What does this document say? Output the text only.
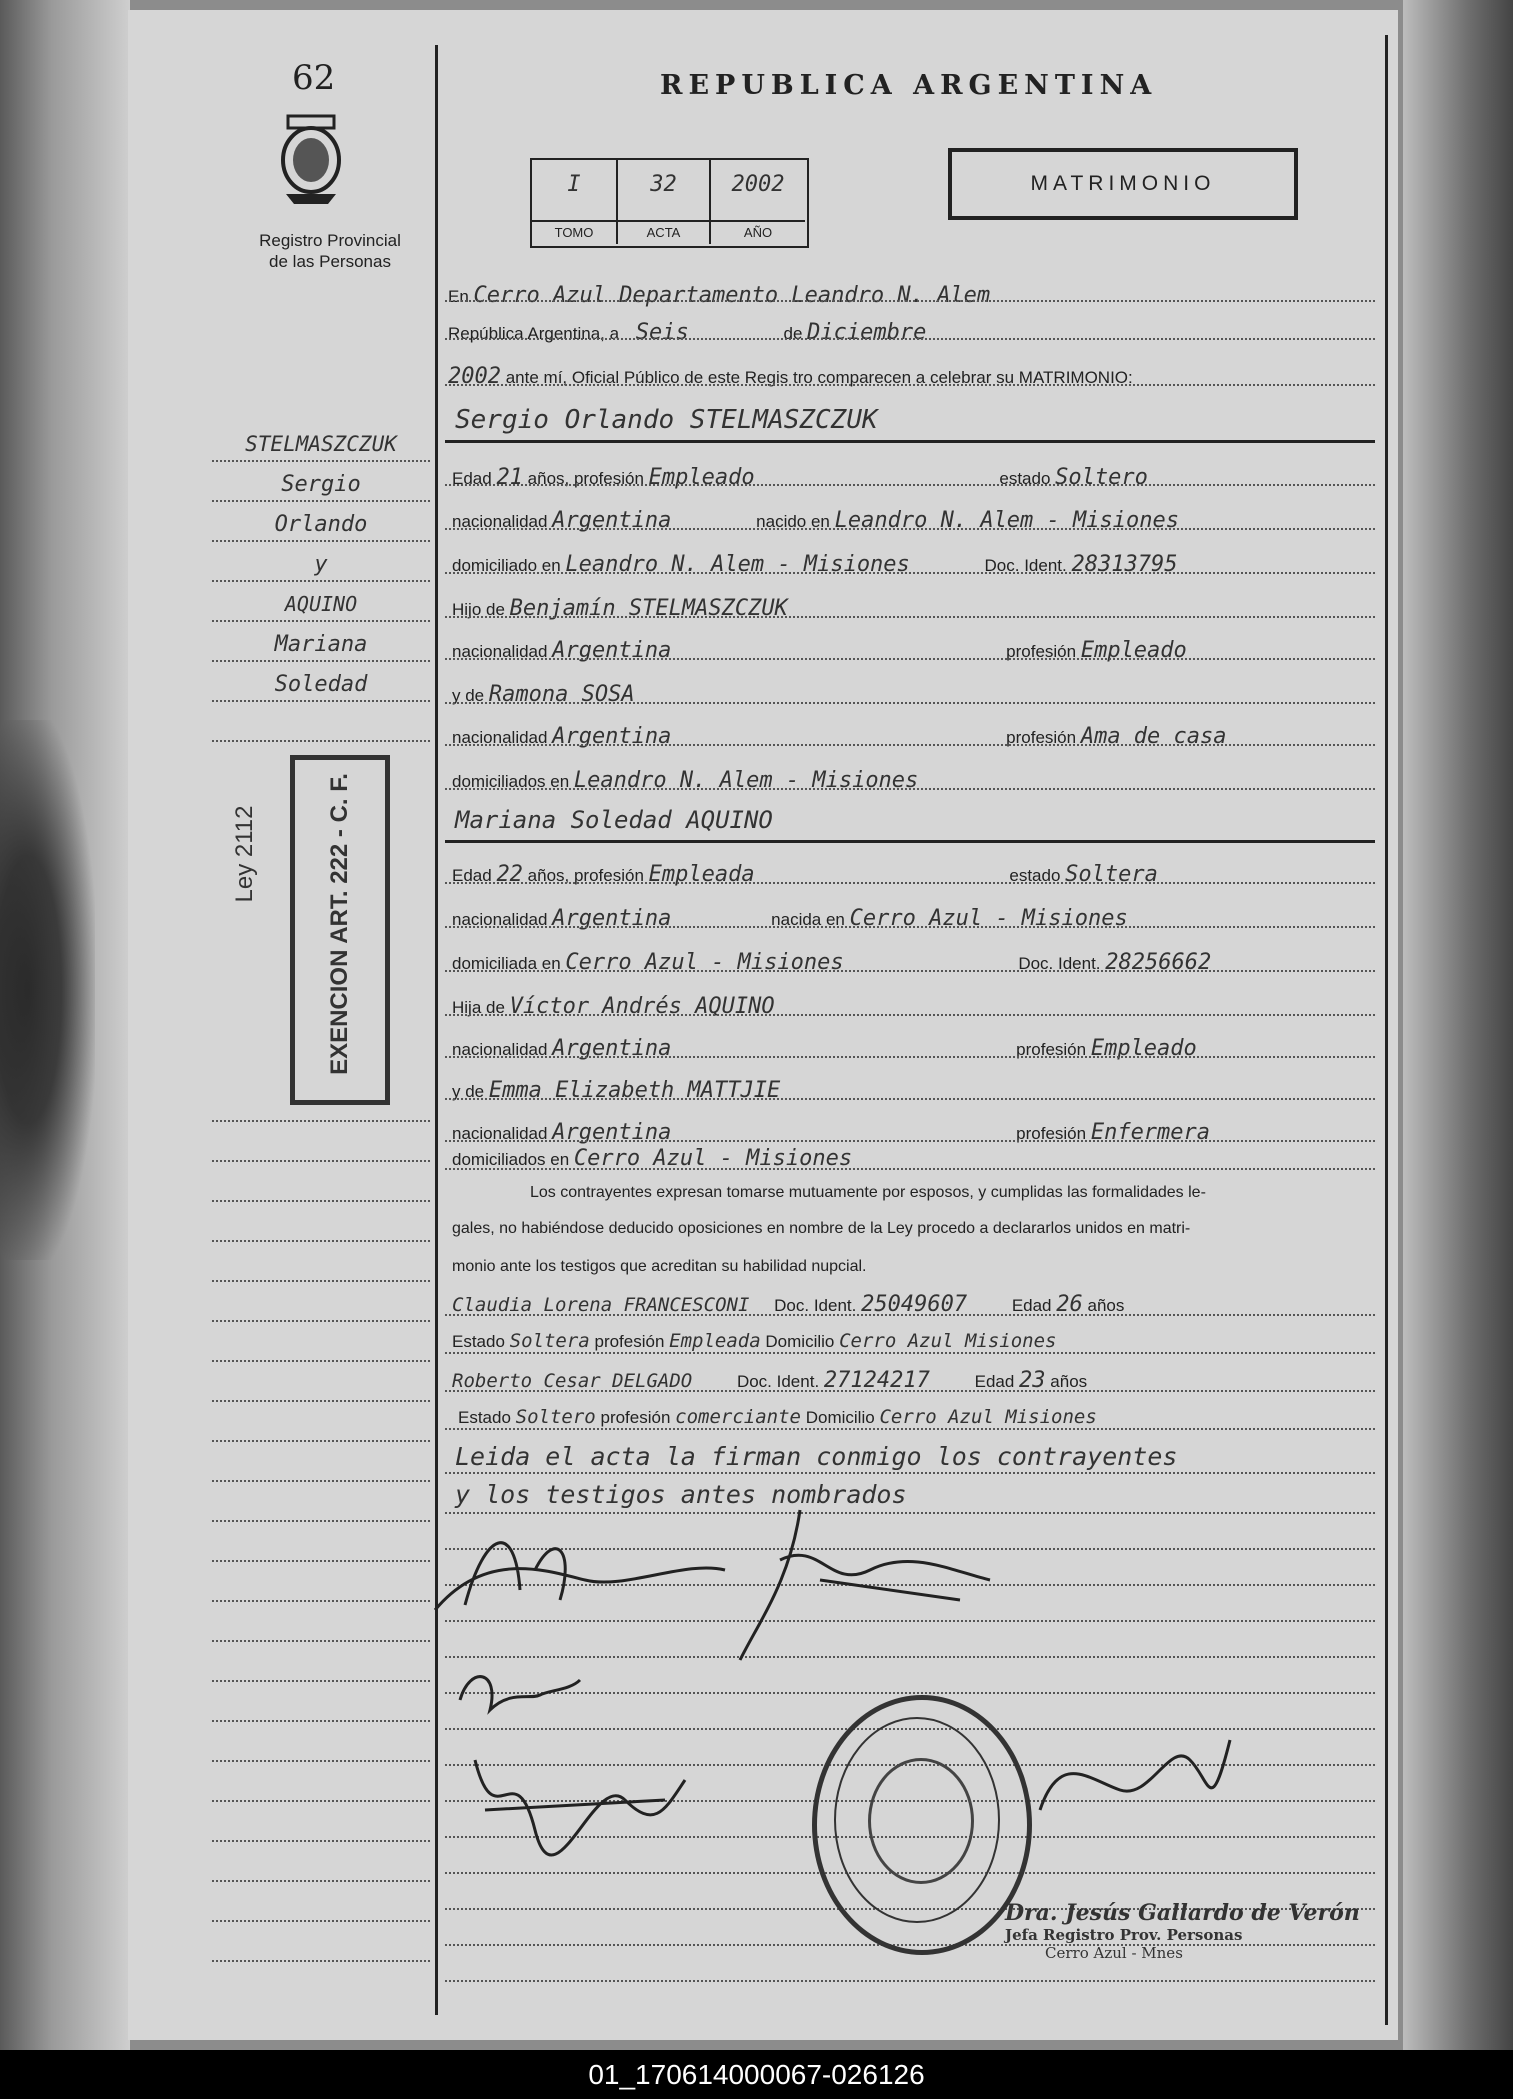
62
Registro Provincial
de las Personas
REPUBLICA ARGENTINA
I
TOMO
32
ACTA
2002
AÑO
MATRIMONIO
En Cerro Azul Departamento Leandro N. Alem
República Argentina, a Seis	de Diciembre
2002 ante mí, Oficial Público de este Regis tro comparecen a celebrar su MATRIMONIO:
Sergio Orlando STELMASZCZUK
Edad 21 años, profesión Empleado	estado Soltero
nacionalidad Argentina	nacido en Leandro N. Alem - Misiones
domiciliado en Leandro N. Alem - Misiones	Doc. Ident. 28313795
Hijo de Benjamín STELMASZCZUK
nacionalidad Argentina	profesión Empleado
y de Ramona SOSA
nacionalidad Argentina	profesión Ama de casa
domiciliados en Leandro N. Alem - Misiones
Mariana Soledad AQUINO
Edad 22 años, profesión Empleada	estado Soltera
nacionalidad Argentina	nacida en Cerro Azul - Misiones
domiciliada en Cerro Azul - Misiones	Doc. Ident. 28256662
Hija de Víctor Andrés AQUINO
nacionalidad Argentina	profesión Empleado
y de Emma Elizabeth MATTJIE
nacionalidad Argentina	profesión Enfermera
domiciliados en Cerro Azul - Misiones
Los contrayentes expresan tomarse mutuamente por esposos, y cumplidas las formalidades le-
gales, no habiéndose deducido oposiciones en nombre de la Ley procedo a declararlos unidos en matri-
monio ante los testigos que acreditan su habilidad nupcial.
Claudia Lorena FRANCESCONI Doc. Ident. 25049607	Edad 26 años
Estado Soltera profesión Empleada Domicilio Cerro Azul Misiones
Roberto Cesar DELGADO	Doc. Ident. 27124217	Edad 23 años
Estado Soltero profesión comerciante Domicilio Cerro Azul Misiones
Leida el acta la firman conmigo los contrayentes
y los testigos antes nombrados
STELMASZCZUK
Sergio
Orlando
y
AQUINO
Mariana
Soledad
EXENCION ART. 222 - C. F.
Ley 2112
Dra. Jesús Gallardo de Verón
Jefa Registro Prov. Personas
Cerro Azul - Mnes
01_170614000067-026126
